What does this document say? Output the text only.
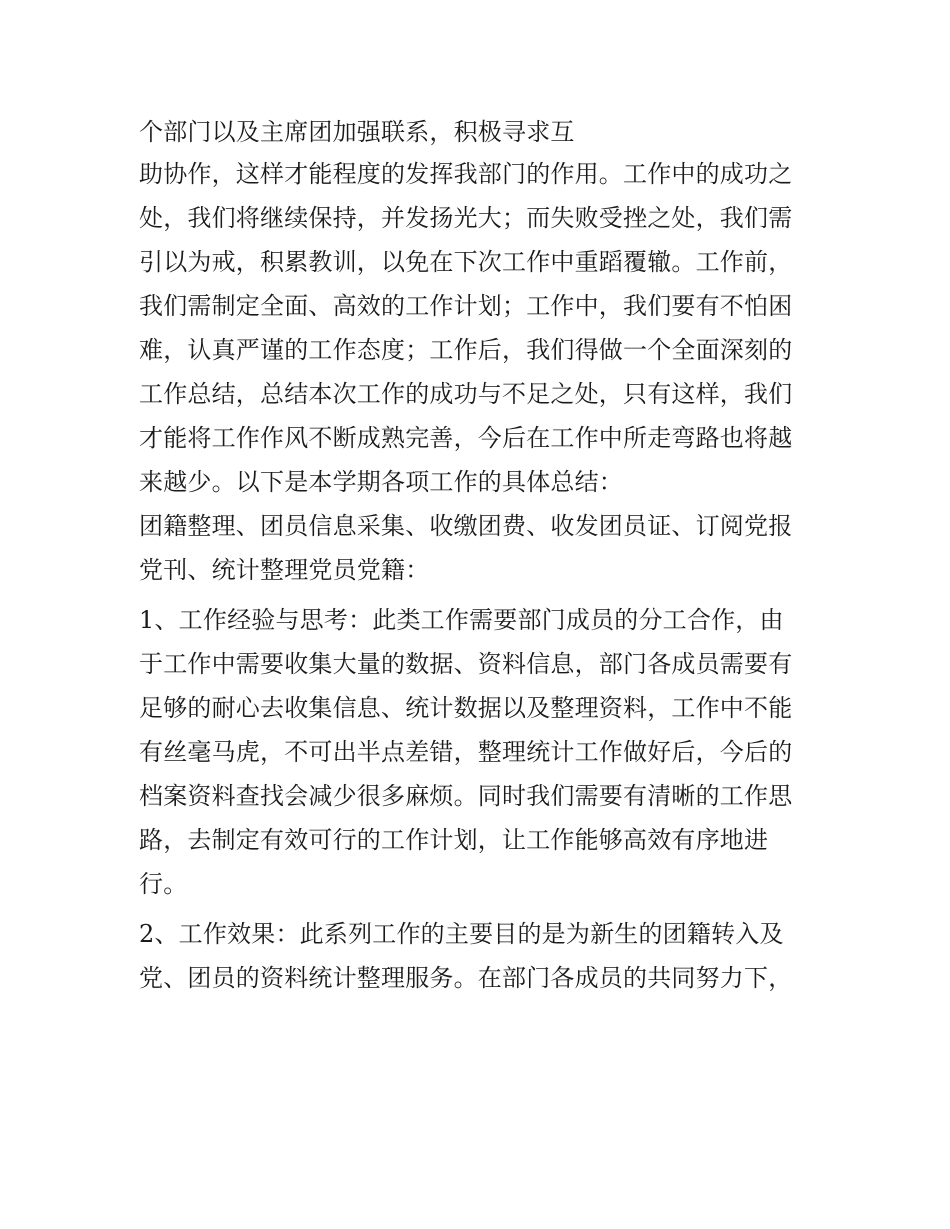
个部门以及主席团加强联系，积极寻求互

助协作，这样才能程度的发挥我部门的作用。工作中的成功之

处，我们将继续保持，并发扬光大；而失败受挫之处，我们需

引以为戒，积累教训，以免在下次工作中重蹈覆辙。工作前，

我们需制定全面、高效的工作计划；工作中，我们要有不怕困

难，认真严谨的工作态度；工作后，我们得做一个全面深刻的

工作总结，总结本次工作的成功与不足之处，只有这样，我们

才能将工作作风不断成熟完善，今后在工作中所走弯路也将越

来越少。以下是本学期各项工作的具体总结：

团籍整理、团员信息采集、收缴团费、收发团员证、订阅党报

党刊、统计整理党员党籍：

1、工作经验与思考：此类工作需要部门成员的分工合作，由

于工作中需要收集大量的数据、资料信息，部门各成员需要有

足够的耐心去收集信息、统计数据以及整理资料，工作中不能

有丝毫马虎，不可出半点差错，整理统计工作做好后，今后的

档案资料查找会减少很多麻烦。同时我们需要有清晰的工作思

路，去制定有效可行的工作计划，让工作能够高效有序地进

行。

2、工作效果：此系列工作的主要目的是为新生的团籍转入及

党、团员的资料统计整理服务。在部门各成员的共同努力下，
